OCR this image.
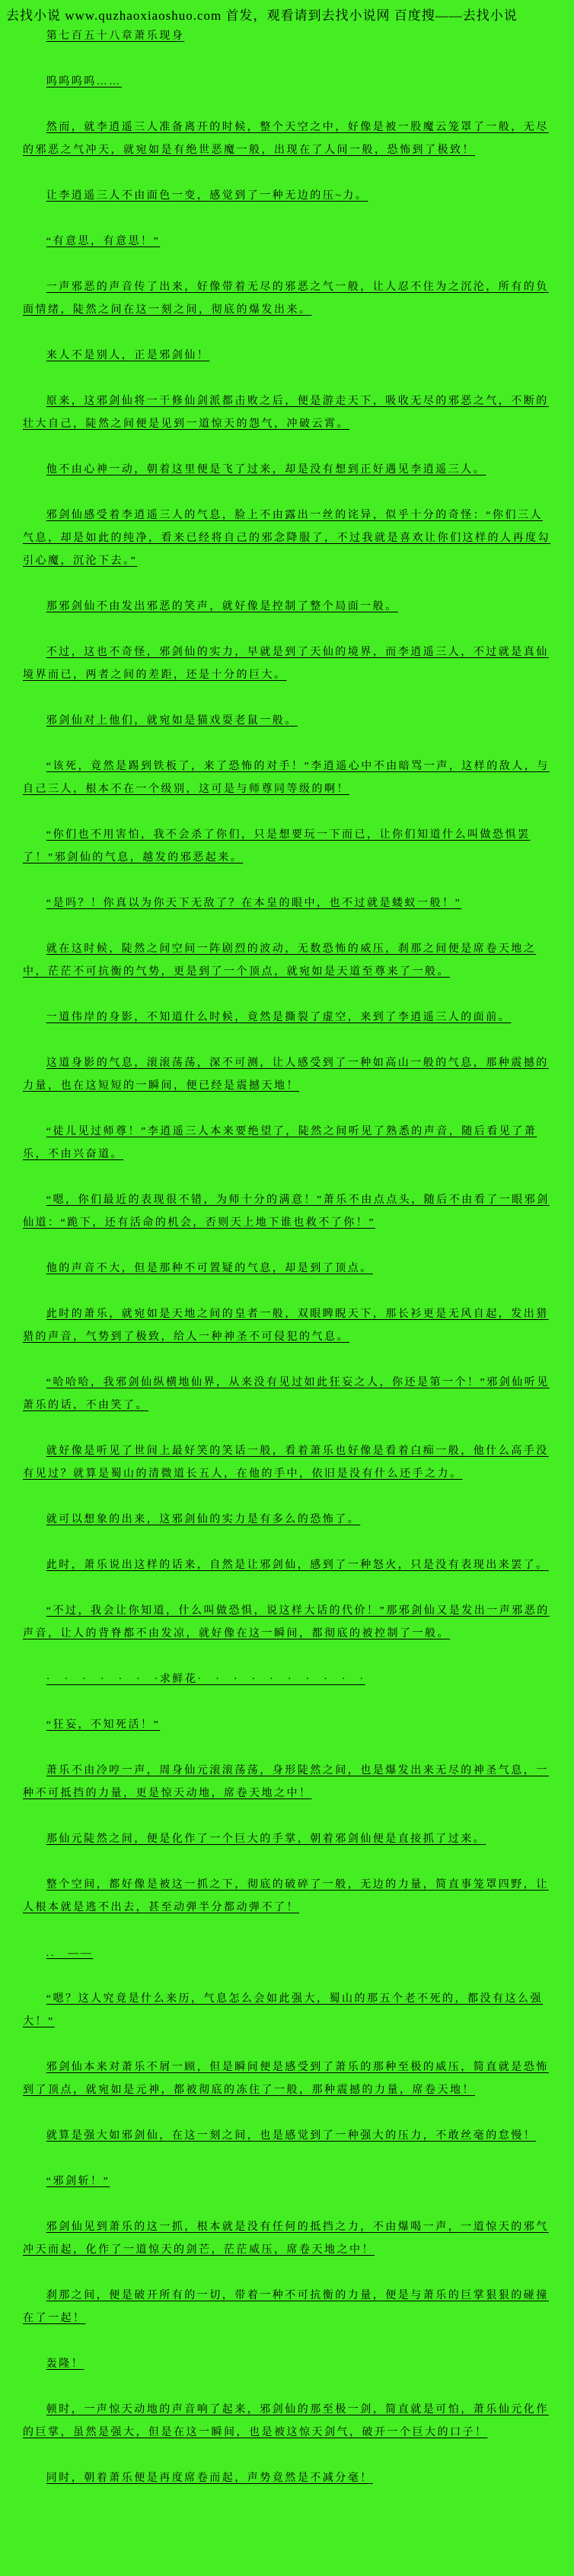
去找小说 www.quzhaoxiaoshuo.com 首发，观看请到去找小说网 百度搜——去找小说
第七百五十八章萧乐现身

呜呜呜呜……

然而，就李逍遥三人准备离开的时候，整个天空之中，好像是被一股魔云笼罩了一般，无尽的邪恶之气冲天，就宛如是有绝世恶魔一般，出现在了人间一般，恐怖到了极致！

让李逍遥三人不由面色一变，感觉到了一种无边的压~力。

“有意思，有意思！”

一声邪恶的声音传了出来，好像带着无尽的邪恶之气一般，让人忍不住为之沉沦，所有的负面情绪，陡然之间在这一刻之间，彻底的爆发出来。

来人不是别人，正是邪剑仙！

原来，这邪剑仙将一干修仙剑派都击败之后，便是游走天下，吸收无尽的邪恶之气，不断的壮大自己，陡然之间便是见到一道惊天的怨气，冲破云霄。

他不由心神一动，朝着这里便是飞了过来，却是没有想到正好遇见李逍遥三人。

邪剑仙感受着李逍遥三人的气息，脸上不由露出一丝的诧异，似乎十分的奇怪：“你们三人气息，却是如此的纯净，看来已经将自己的邪念降服了，不过我就是喜欢让你们这样的人再度勾引心魔，沉沦下去。”

那邪剑仙不由发出邪恶的笑声，就好像是控制了整个局面一般。

不过，这也不奇怪，邪剑仙的实力，早就是到了天仙的境界，而李逍遥三人，不过就是真仙境界而已，两者之间的差距，还是十分的巨大。

邪剑仙对上他们，就宛如是猫戏耍老鼠一般。

“该死，竟然是踢到铁板了，来了恐怖的对手！”李逍遥心中不由暗骂一声，这样的敌人，与自己三人，根本不在一个级别，这可是与师尊同等级的啊！

“你们也不用害怕，我不会杀了你们，只是想要玩一下而已，让你们知道什么叫做恐惧罢了！”邪剑仙的气息，越发的邪恶起来。

“是吗？！你真以为你天下无敌了？在本皇的眼中，也不过就是蝼蚁一般！”

就在这时候，陡然之间空间一阵剧烈的波动，无数恐怖的威压，刹那之间便是席卷天地之中，茫茫不可抗衡的气势，更是到了一个顶点，就宛如是天道至尊来了一般。

一道伟岸的身影，不知道什么时候，竟然是撕裂了虚空，来到了李逍遥三人的面前。

这道身影的气息，滚滚荡荡，深不可测，让人感受到了一种如高山一般的气息，那种震撼的力量，也在这短短的一瞬间，便已经是震撼天地！

“徒儿见过师尊！”李逍遥三人本来要绝望了，陡然之间听见了熟悉的声音，随后看见了萧乐，不由兴奋道。

“嗯，你们最近的表现很不错，为师十分的满意！”萧乐不由点点头，随后不由看了一眼邪剑仙道：“跪下，还有活命的机会，否则天上地下谁也救不了你！”

他的声音不大，但是那种不可置疑的气息，却是到了顶点。

此时的萧乐，就宛如是天地之间的皇者一般，双眼睥睨天下，那长衫更是无风自起，发出猎猎的声音，气势到了极致，给人一种神圣不可侵犯的气息。

“哈哈哈，我邪剑仙纵横地仙界，从来没有见过如此狂妄之人，你还是第一个！”邪剑仙听见萧乐的话，不由笑了。

就好像是听见了世间上最好笑的笑话一般，看着萧乐也好像是看着白痴一般，他什么高手没有见过？就算是蜀山的清微道长五人，在他的手中，依旧是没有什么还手之力。

就可以想象的出来，这邪剑仙的实力是有多么的恐怖了。

此时，萧乐说出这样的话来，自然是让邪剑仙，感到了一种怒火，只是没有表现出来罢了。

“不过，我会让你知道，什么叫做恐惧，说这样大话的代价！”那邪剑仙又是发出一声邪恶的声音，让人的背脊都不由发凉，就好像在这一瞬间，都彻底的被控制了一般。

·　·　·　·　·　·　·求鲜花·　·　·　·　·　·　·　·　·　·

“狂妄，不知死活！”

萧乐不由冷哼一声，周身仙元滚滚荡荡，身形陡然之间，也是爆发出来无尽的神圣气息，一种不可抵挡的力量，更是惊天动地，席卷天地之中！

那仙元陡然之间，便是化作了一个巨大的手掌，朝着邪剑仙便是直接抓了过来。

整个空间，都好像是被这一抓之下，彻底的破碎了一般，无边的力量，简直事笼罩四野，让人根本就是逃不出去，甚至动弹半分都动弹不了！

..　——

“嗯？这人究竟是什么来历，气息怎么会如此强大，蜀山的那五个老不死的，都没有这么强大！”

邪剑仙本来对萧乐不屑一顾，但是瞬间便是感受到了萧乐的那种至极的威压，简直就是恐怖到了顶点，就宛如是元神，都被彻底的冻住了一般，那种震撼的力量，席卷天地！

就算是强大如邪剑仙，在这一刻之间，也是感觉到了一种强大的压力，不敢丝毫的怠慢！

“邪剑斩！”

邪剑仙见到萧乐的这一抓，根本就是没有任何的抵挡之力，不由爆喝一声，一道惊天的邪气冲天而起，化作了一道惊天的剑芒，茫茫威压，席卷天地之中！

刹那之间，便是破开所有的一切，带着一种不可抗衡的力量，便是与萧乐的巨掌狠狠的碰撞在了一起！

轰隆！

顿时，一声惊天动地的声音响了起来，邪剑仙的那至极一剑，简直就是可怕，萧乐仙元化作的巨掌，虽然是强大，但是在这一瞬间，也是被这惊天剑气，破开一个巨大的口子！

同时，朝着萧乐便是再度席卷而起，声势竟然是不减分毫！
